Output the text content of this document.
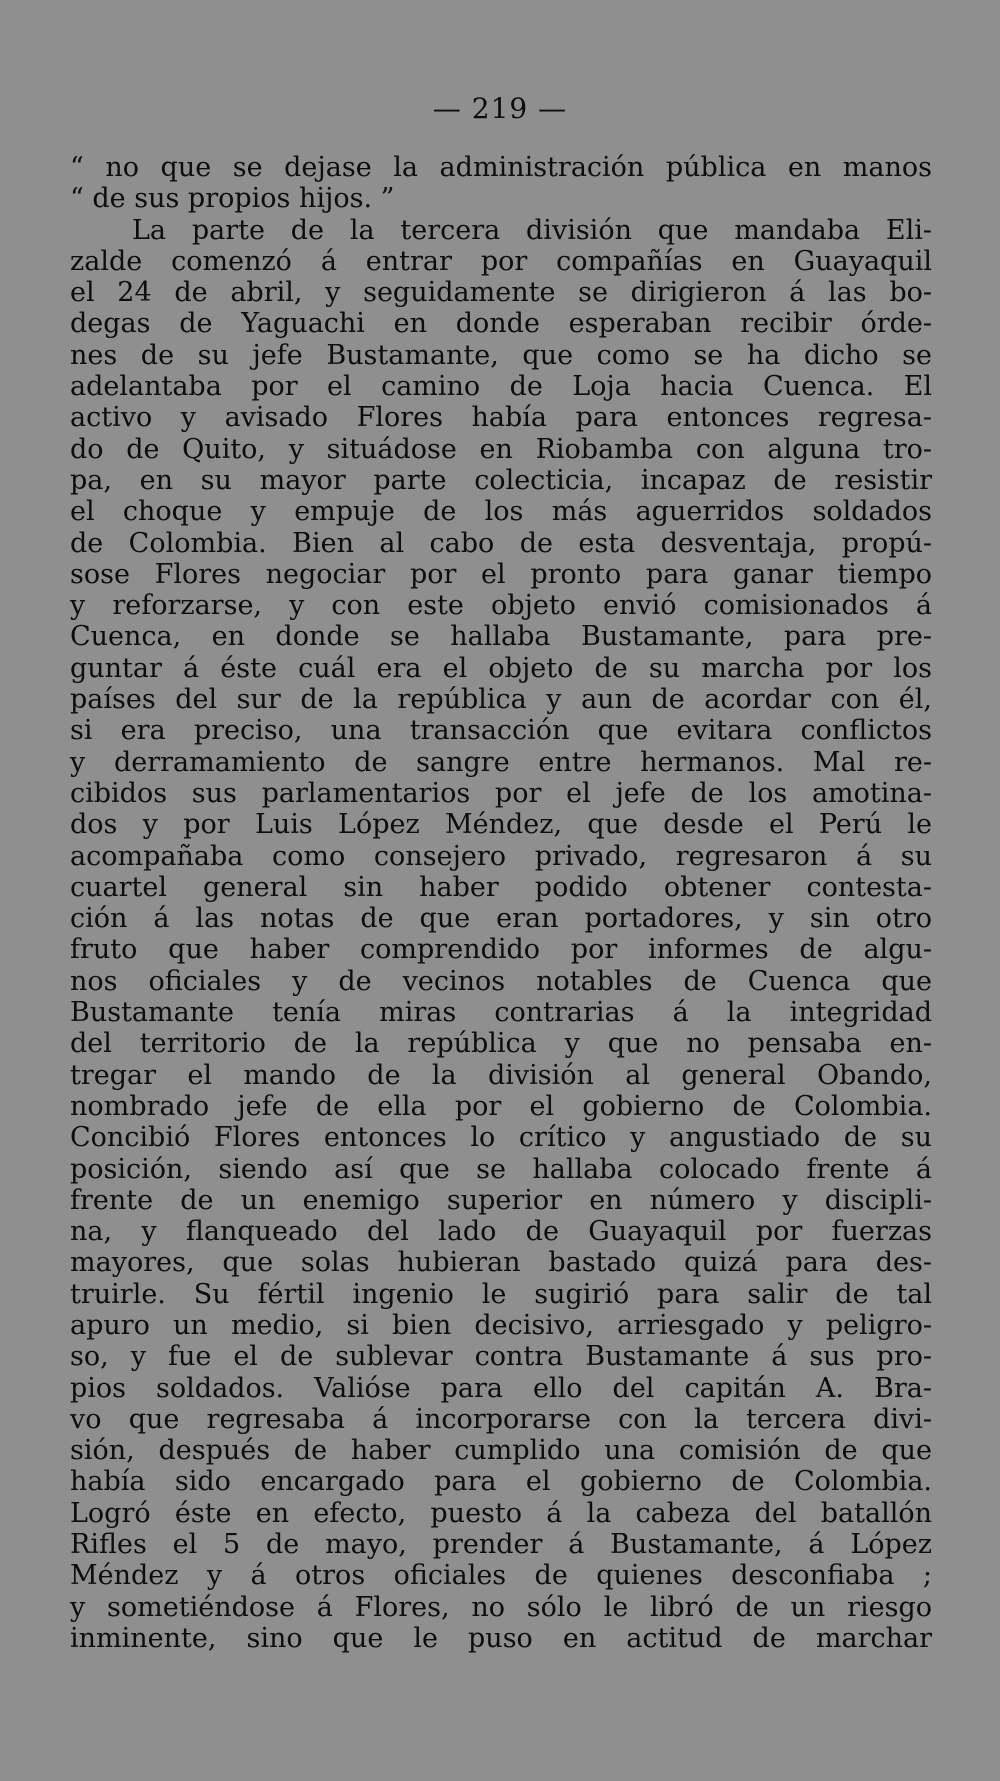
— 219 —
“ no que se dejase la administración pública en manos
“ de sus propios hijos. ”
La parte de la tercera división que mandaba Eli-
zalde comenzó á entrar por compañías en Guayaquil
el 24 de abril, y seguidamente se dirigieron á las bo-
degas de Yaguachi en donde esperaban recibir órde-
nes de su jefe Bustamante, que como se ha dicho se
adelantaba por el camino de Loja hacia Cuenca. El
activo y avisado Flores había para entonces regresa-
do de Quito, y situádose en Riobamba con alguna tro-
pa, en su mayor parte colecticia, incapaz de resistir
el choque y empuje de los más aguerridos soldados
de Colombia. Bien al cabo de esta desventaja, propú-
sose Flores negociar por el pronto para ganar tiempo
y reforzarse, y con este objeto envió comisionados á
Cuenca, en donde se hallaba Bustamante, para pre-
guntar á éste cuál era el objeto de su marcha por los
países del sur de la república y aun de acordar con él,
si era preciso, una transacción que evitara conflictos
y derramamiento de sangre entre hermanos. Mal re-
cibidos sus parlamentarios por el jefe de los amotina-
dos y por Luis López Méndez, que desde el Perú le
acompañaba como consejero privado, regresaron á su
cuartel general sin haber podido obtener contesta-
ción á las notas de que eran portadores, y sin otro
fruto que haber comprendido por informes de algu-
nos oficiales y de vecinos notables de Cuenca que
Bustamante tenía miras contrarias á la integridad
del territorio de la república y que no pensaba en-
tregar el mando de la división al general Obando,
nombrado jefe de ella por el gobierno de Colombia.
Concibió Flores entonces lo crítico y angustiado de su
posición, siendo así que se hallaba colocado frente á
frente de un enemigo superior en número y discipli-
na, y flanqueado del lado de Guayaquil por fuerzas
mayores, que solas hubieran bastado quizá para des-
truirle. Su fértil ingenio le sugirió para salir de tal
apuro un medio, si bien decisivo, arriesgado y peligro-
so, y fue el de sublevar contra Bustamante á sus pro-
pios soldados. Valióse para ello del capitán A. Bra-
vo que regresaba á incorporarse con la tercera divi-
sión, después de haber cumplido una comisión de que
había sido encargado para el gobierno de Colombia.
Logró éste en efecto, puesto á la cabeza del batallón
Rifles el 5 de mayo, prender á Bustamante, á López
Méndez y á otros oficiales de quienes desconfiaba ;
y sometiéndose á Flores, no sólo le libró de un riesgo
inminente, sino que le puso en actitud de marchar
